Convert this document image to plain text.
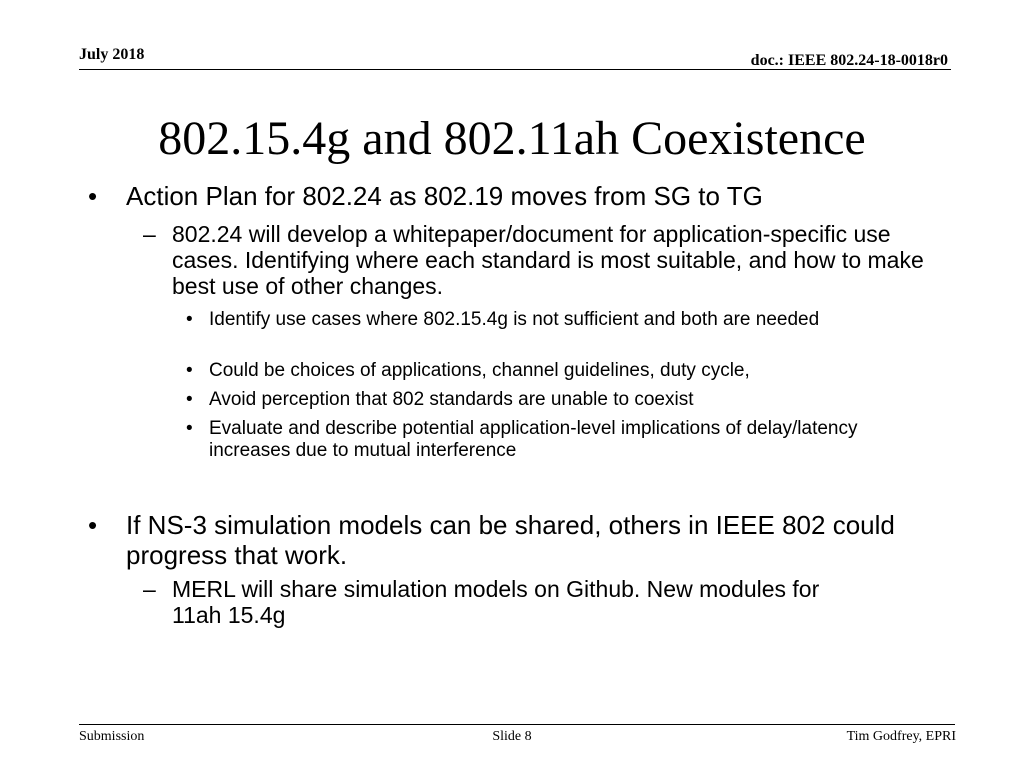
July 2018	doc.: IEEE 802.24-18-0018r0
802.15.4g and 802.11ah Coexistence
• Action Plan for 802.24 as 802.19 moves from SG to TG
– 802.24 will develop a whitepaper/document for application-specific use cases. Identifying where each standard is most suitable, and how to make best use of other changes.
• Identify use cases where 802.15.4g is not sufficient and both are needed
• Could be choices of applications, channel guidelines, duty cycle,
• Avoid perception that 802 standards are unable to coexist
• Evaluate and describe potential application-level implications of delay/latency increases due to mutual interference
• If NS-3 simulation models can be shared, others in IEEE 802 could progress that work.
– MERL will share simulation models on Github. New modules for 11ah 15.4g
Submission	Slide 8	Tim Godfrey, EPRI
